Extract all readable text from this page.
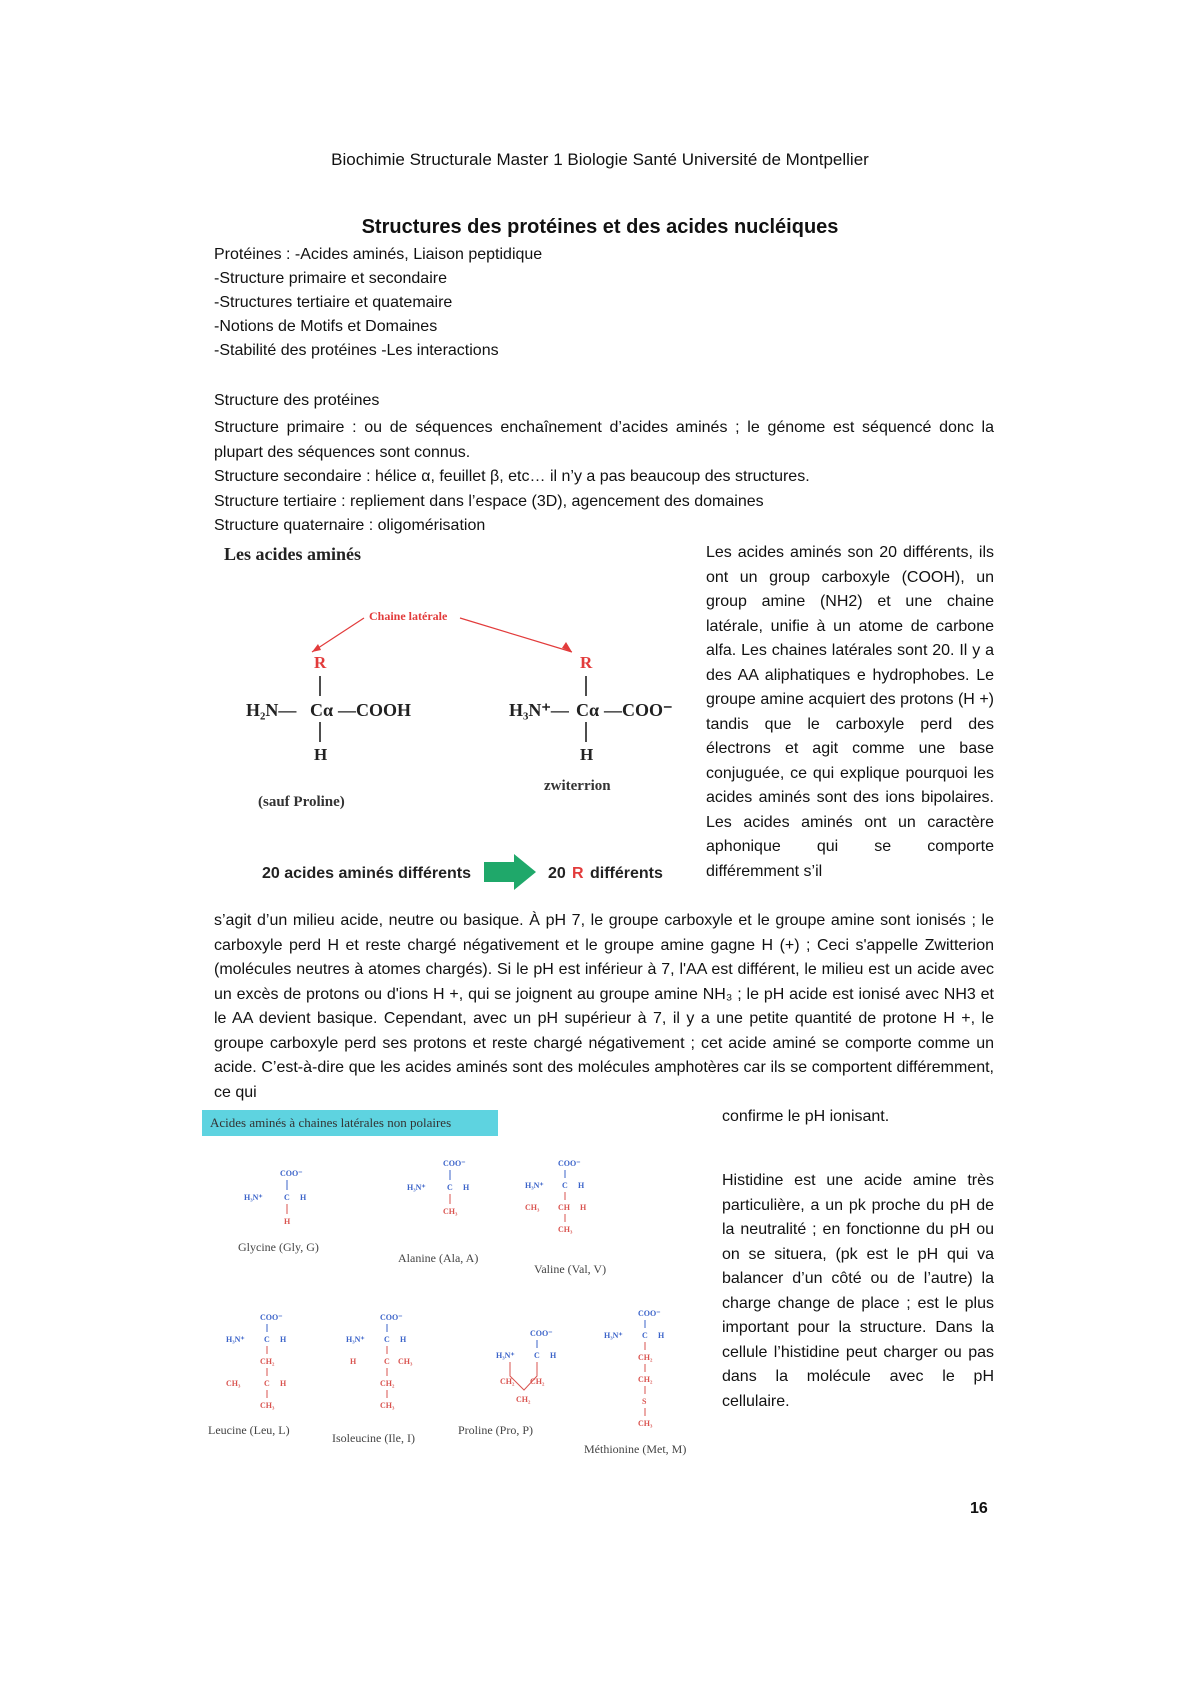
Biochimie Structurale Master 1 Biologie Santé Université de Montpellier
Structures des protéines et des acides nucléiques
Protéines : -Acides aminés, Liaison peptidique
-Structure primaire et secondaire
-Structures tertiaire et quatemaire
-Notions de Motifs et Domaines
-Stabilité des protéines -Les interactions
Structure des protéines

Structure primaire : ou de séquences enchaînement d’acides aminés ; le génome est séquencé donc la plupart des séquences sont connus.

Structure secondaire : hélice α, feuillet β, etc… il n’y a pas beaucoup des structures.

Structure tertiaire : repliement dans l’espace (3D), agencement des domaines

Structure quaternaire : oligomérisation

Les acides aminés
Chaine latérale
R
H₂N— Cα —COOH
H
(sauf Proline)
R
H₃N⁺— Cα —COO⁻
H
zwiterrion
20 acides aminés différents	20 R différents
Les acides aminés son 20 différents, ils ont un group carboxyle (COOH), un group amine (NH2) et une chaine latérale, unifie à un atome de carbone alfa. Les chaines latérales sont 20. Il y a des AA aliphatiques e hydrophobes. Le groupe amine acquiert des protons (H +) tandis que le carboxyle perd des électrons et agit comme une base conjuguée, ce qui explique pourquoi les acides aminés sont des ions bipolaires. Les acides aminés ont un caractère aphonique qui se comporte différemment s’il
s’agit d’un milieu acide, neutre ou basique. À pH 7, le groupe carboxyle et le groupe amine sont ionisés ; le carboxyle perd H et reste chargé négativement et le groupe amine gagne H (+) ; Ceci s'appelle Zwitterion (molécules neutres à atomes chargés). Si le pH est inférieur à 7, l'AA est différent, le milieu est un acide avec un excès de protons ou d'ions H +, qui se joignent au groupe amine NH₃ ; le pH acide est ionisé avec NH3 et le AA devient basique. Cependant, avec un pH supérieur à 7, il y a une petite quantité de protone H +, le groupe carboxyle perd ses protons et reste chargé négativement ; cet acide aminé se comporte comme un acide. C’est-à-dire que les acides aminés sont des molécules amphotères car ils se comportent différemment, ce qui
confirme le pH ionisant.
Acides aminés à chaines latérales non polaires
COO⁻
H₃N⁺	C H
H
COO⁻
H₃N⁺	C H
CH₃
COO⁻
H₃N⁺ C H
CH₃ CH H
CH₃
COO⁻
H₃N⁺ C H
CH₂
CH₃	C H
CH₃
COO⁻
H₃N⁺ C H
H	C CH₃
CH₂
CH₃
COO⁻
H₃N⁺ C H
CH₂ CH₂
CH₂
COO⁻
H₃N⁺ C H
CH₂
CH₂
S
CH₃
Glycine (Gly, G)
Alanine (Ala, A)
Valine (Val, V)
Leucine (Leu, L)
Isoleucine (Ile, I)
Proline (Pro, P)
Méthionine (Met, M)
Histidine est une acide amine très particulière, a un pk proche du pH de la neutralité ; en fonctionne du pH ou on se situera, (pk est le pH qui va balancer d’un côté ou de l’autre) la charge change de place ; est le plus important pour la structure. Dans la cellule l’histidine peut charger ou pas dans la molécule avec le pH cellulaire.
16
